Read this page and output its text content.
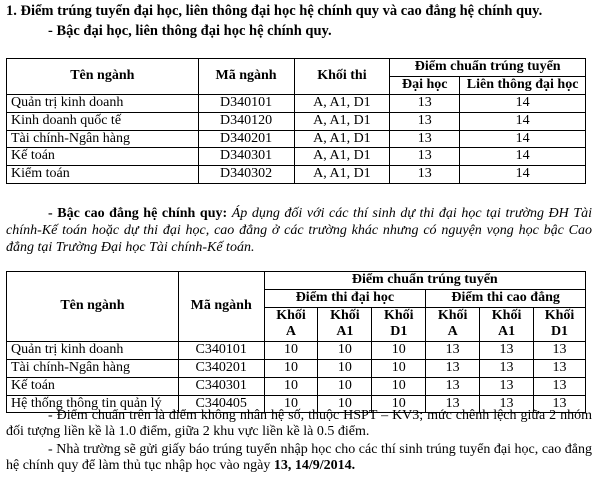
1. Điểm trúng tuyển đại học, liên thông đại học hệ chính quy và cao đẳng hệ chính quy.
- Bậc đại học, liên thông đại học hệ chính quy.
Tên ngành	Mã ngành	Khối thi	Điểm chuẩn trúng tuyển	
			Đại học	Liên thông đại học
Quản trị kinh doanh	D340101	A, A1, D1	13	14
Kinh doanh quốc tế	D340120	A, A1, D1	13	14
Tài chính-Ngân hàng	D340201	A, A1, D1	13	14
Kế toán	D340301	A, A1, D1	13	14
Kiểm toán	D340302	A, A1, D1	13	14
- Bậc cao đẳng hệ chính quy: Áp dụng đối với các thí sinh dự thi đại học tại trường ĐH Tài chính-Kế toán hoặc dự thi đại học, cao đẳng ở các trường khác nhưng có nguyện vọng học bậc Cao đẳng tại Trường Đại học Tài chính-Kế toán.
Tên ngành	Mã ngành	Điểm chuẩn trúng tuyển					
		Điểm thi đại học			Điểm thi cao đẳng		
		Khối A	Khối A1	Khối D1	Khối A	Khối A1	Khối D1
Quản trị kinh doanh	C340101	10	10	10	13	13	13
Tài chính-Ngân hàng	C340201	10	10	10	13	13	13
Kế toán	C340301	10	10	10	13	13	13
Hệ thống thông tin quản lý	C340405	10	10	10	13	13	13
- Điểm chuẩn trên là điểm không nhân hệ số, thuộc HSPT – KV3; mức chênh lệch giữa 2 nhóm đối tượng liền kề là 1.0 điểm, giữa 2 khu vực liền kề là 0.5 điểm.
- Nhà trường sẽ gửi giấy báo trúng tuyển nhập học cho các thí sinh trúng tuyển đại học, cao đẳng hệ chính quy để làm thủ tục nhập học vào ngày 13, 14/9/2014.
